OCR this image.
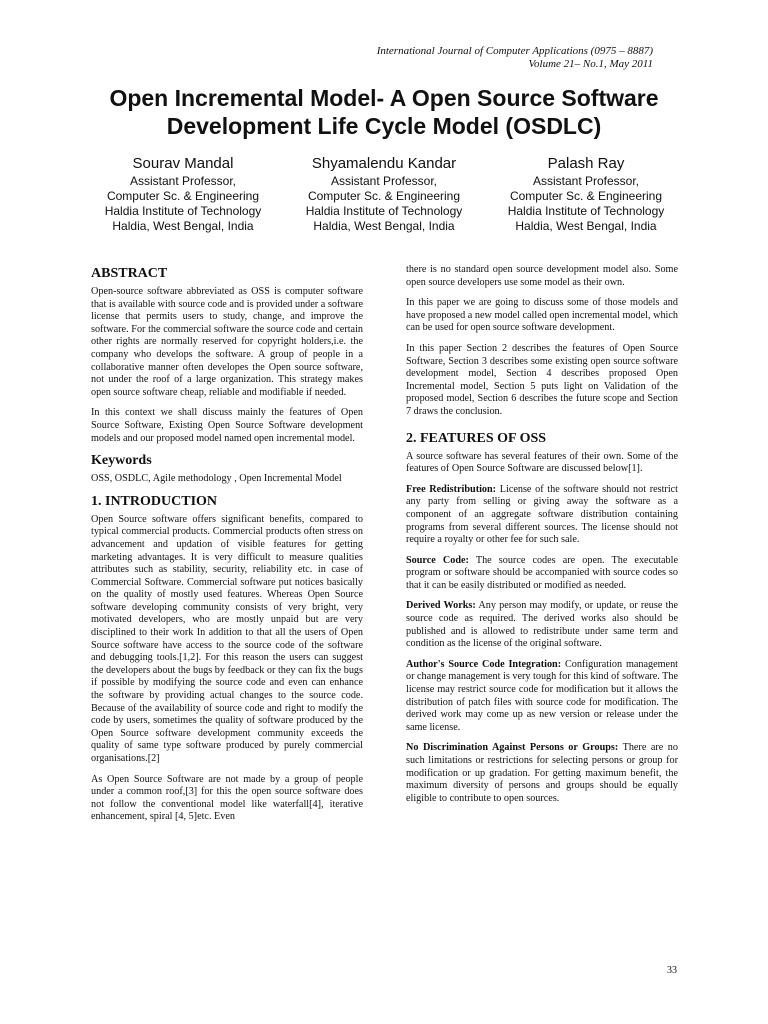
International Journal of Computer Applications (0975 – 8887)
Volume 21– No.1, May 2011
Open Incremental Model- A Open Source Software
Development Life Cycle Model (OSDLC)
Sourav Mandal
Assistant Professor,
Computer Sc. & Engineering
Haldia Institute of Technology
Haldia, West Bengal, India
Shyamalendu Kandar
Assistant Professor,
Computer Sc. & Engineering
Haldia Institute of Technology
Haldia, West Bengal, India
Palash Ray
Assistant Professor,
Computer Sc. & Engineering
Haldia Institute of Technology
Haldia, West Bengal, India
ABSTRACT

Open-source software abbreviated as OSS is computer software that is available with source code and is provided under a software license that permits users to study, change, and improve the software. For the commercial software the source code and certain other rights are normally reserved for copyright holders,i.e. the company who develops the software. A group of people in a collaborative manner often developes the Open source software, not under the roof of a large organization. This strategy makes open source software cheap, reliable and modifiable if needed.

In this context we shall discuss mainly the features of Open Source Software, Existing Open Source Software development models and our proposed model named open incremental model.

Keywords

OSS, OSDLC, Agile methodology , Open Incremental Model

1. INTRODUCTION

Open Source software offers significant benefits, compared to typical commercial products. Commercial products often stress on advancement and updation of visible features for getting marketing advantages. It is very difficult to measure qualities attributes such as stability, security, reliability etc. in case of Commercial Software. Commercial software put notices basically on the quality of mostly used features. Whereas Open Source software developing community consists of very bright, very motivated developers, who are mostly unpaid but are very disciplined to their work In addition to that all the users of Open Source software have access to the source code of the software and debugging tools.[1,2]. For this reason the users can suggest the developers about the bugs by feedback or they can fix the bugs if possible by modifying the source code and even can enhance the software by providing actual changes to the source code. Because of the availability of source code and right to modify the code by users, sometimes the quality of software produced by the Open Source software development community exceeds the quality of same type software produced by purely commercial organisations.[2]

As Open Source Software are not made by a group of people under a common roof,[3] for this the open source software does not follow the conventional model like waterfall[4], iterative enhancement, spiral [4, 5]etc. Even

there is no standard open source development model also. Some open source developers use some model as their own.

In this paper we are going to discuss some of those models and have proposed a new model called open incremental model, which can be used for open source software development.

In this paper Section 2 describes the features of Open Source Software, Section 3 describes some existing open source software development model, Section 4 describes proposed Open Incremental model, Section 5 puts light on Validation of the proposed model, Section 6 describes the future scope and Section 7 draws the conclusion.

2. FEATURES OF OSS

A source software has several features of their own. Some of the features of Open Source Software are discussed below[1].

Free Redistribution: License of the software should not restrict any party from selling or giving away the software as a component of an aggregate software distribution containing programs from several different sources. The license should not require a royalty or other fee for such sale.

Source Code: The source codes are open. The executable program or software should be accompanied with source codes so that it can be easily distributed or modified as needed.

Derived Works: Any person may modify, or update, or reuse the source code as required. The derived works also should be published and is allowed to redistribute under same term and condition as the license of the original software.

Author's Source Code Integration: Configuration management or change management is very tough for this kind of software. The license may restrict source code for modification but it allows the distribution of patch files with source code for modification. The derived work may come up as new version or release under the same license.

No Discrimination Against Persons or Groups: There are no such limitations or restrictions for selecting persons or group for modification or up gradation. For getting maximum benefit, the maximum diversity of persons and groups should be equally eligible to contribute to open sources.

33
